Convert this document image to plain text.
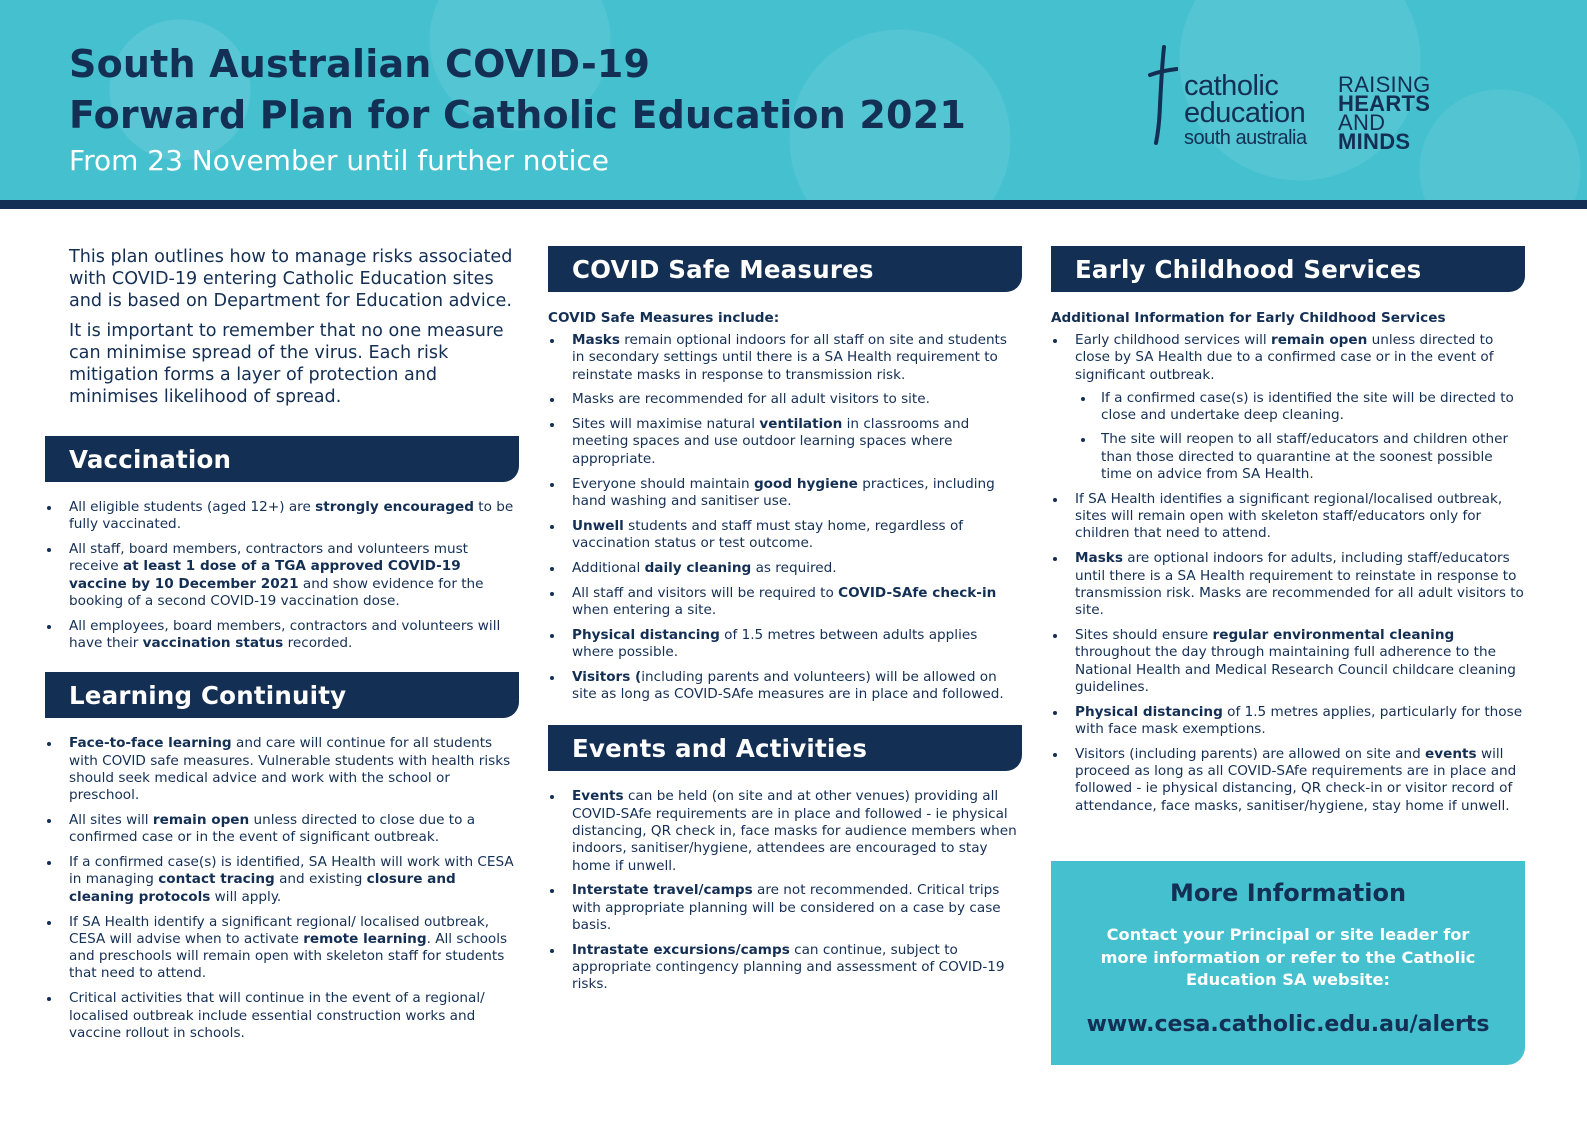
South Australian COVID-19
Forward Plan for Catholic Education 2021
From 23 November until further notice
catholic
education
south australia
RAISING
HEARTS
AND
MINDS

This plan outlines how to manage risks associated with COVID-19 entering Catholic Education sites and is based on Department for Education advice.

It is important to remember that no one measure can minimise spread of the virus. Each risk mitigation forms a layer of protection and minimises likelihood of spread.

Vaccination
All eligible students (aged 12+) are strongly encouraged to be fully vaccinated.
All staff, board members, contractors and volunteers must receive at least 1 dose of a TGA approved COVID-19 vaccine by 10 December 2021 and show evidence for the booking of a second COVID-19 vaccination dose.
All employees, board members, contractors and volunteers will have their vaccination status recorded.
Learning Continuity
Face-to-face learning and care will continue for all students with COVID safe measures. Vulnerable students with health risks should seek medical advice and work with the school or preschool.
All sites will remain open unless directed to close due to a confirmed case or in the event of significant outbreak.
If a confirmed case(s) is identified, SA Health will work with CESA in managing contact tracing and existing closure and cleaning protocols will apply.
If SA Health identify a significant regional/ localised outbreak, CESA will advise when to activate remote learning. All schools and preschools will remain open with skeleton staff for students that need to attend.
Critical activities that will continue in the event of a regional/ localised outbreak include essential construction works and vaccine rollout in schools.
COVID Safe Measures
COVID Safe Measures include:
Masks remain optional indoors for all staff on site and students in secondary settings until there is a SA Health requirement to reinstate masks in response to transmission risk.
Masks are recommended for all adult visitors to site.
Sites will maximise natural ventilation in classrooms and meeting spaces and use outdoor learning spaces where appropriate.
Everyone should maintain good hygiene practices, including hand washing and sanitiser use.
Unwell students and staff must stay home, regardless of vaccination status or test outcome.
Additional daily cleaning as required.
All staff and visitors will be required to COVID-SAfe check-in when entering a site.
Physical distancing of 1.5 metres between adults applies where possible.
Visitors (including parents and volunteers) will be allowed on site as long as COVID-SAfe measures are in place and followed.
Events and Activities
Events can be held (on site and at other venues) providing all COVID-SAfe requirements are in place and followed - ie physical distancing, QR check in, face masks for audience members when indoors, sanitiser/hygiene, attendees are encouraged to stay home if unwell.
Interstate travel/camps are not recommended. Critical trips with appropriate planning will be considered on a case by case basis.
Intrastate excursions/camps can continue, subject to appropriate contingency planning and assessment of COVID-19 risks.
Early Childhood Services
Additional Information for Early Childhood Services
Early childhood services will remain open unless directed to close by SA Health due to a confirmed case or in the event of significant outbreak.
If a confirmed case(s) is identified the site will be directed to close and undertake deep cleaning.
The site will reopen to all staff/educators and children other than those directed to quarantine at the soonest possible time on advice from SA Health.
If SA Health identifies a significant regional/localised outbreak, sites will remain open with skeleton staff/educators only for children that need to attend.
Masks are optional indoors for adults, including staff/educators until there is a SA Health requirement to reinstate in response to transmission risk. Masks are recommended for all adult visitors to site.
Sites should ensure regular environmental cleaning throughout the day through maintaining full adherence to the National Health and Medical Research Council childcare cleaning guidelines.
Physical distancing of 1.5 metres applies, particularly for those with face mask exemptions.
Visitors (including parents) are allowed on site and events will proceed as long as all COVID-SAfe requirements are in place and followed - ie physical distancing, QR check-in or visitor record of attendance, face masks, sanitiser/hygiene, stay home if unwell.
More Information
Contact your Principal or site leader for more information or refer to the Catholic Education SA website:
www.cesa.catholic.edu.au/alerts
